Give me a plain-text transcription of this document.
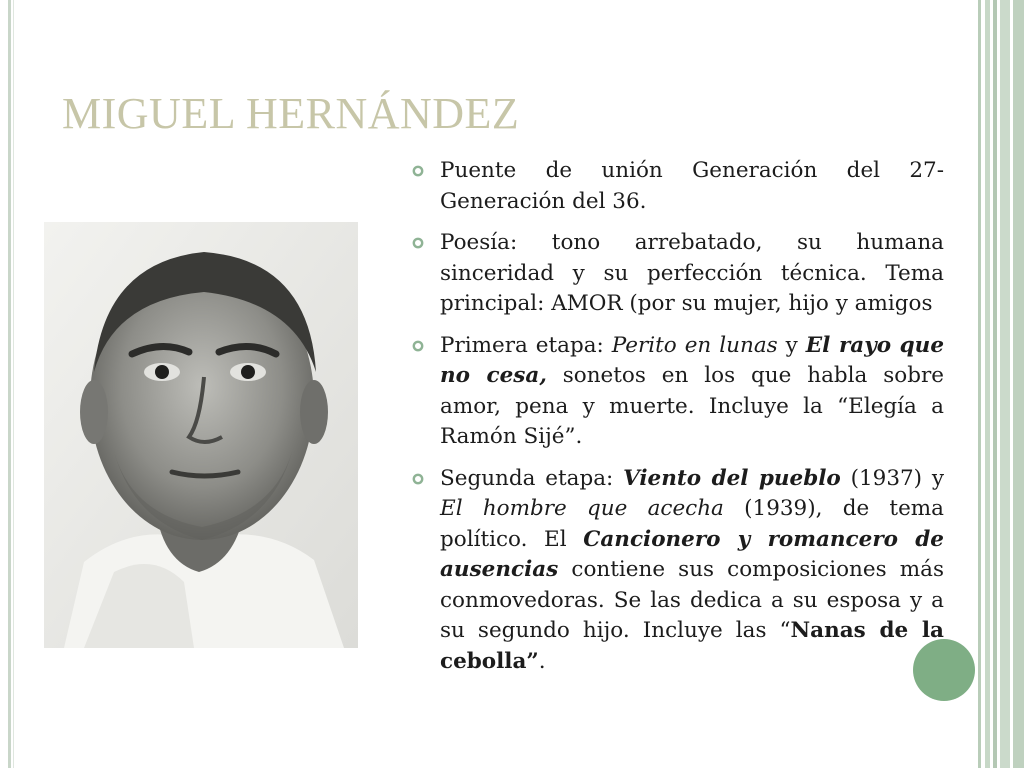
MIGUEL HERNÁNDEZ
Puente de unión Generación del 27-Generación del 36.
Poesía: tono arrebatado, su humana sinceridad y su perfección técnica. Tema principal: AMOR (por su mujer, hijo y amigos
Primera etapa: Perito en lunas y El rayo que no cesa, sonetos en los que habla sobre amor, pena y muerte. Incluye la “Elegía a Ramón Sijé”.
Segunda etapa: Viento del pueblo (1937) y El hombre que acecha (1939), de tema político. El Cancionero y romancero de ausencias contiene sus composiciones más conmovedoras. Se las dedica a su esposa y a su segundo hijo. Incluye las “Nanas de la cebolla”.
